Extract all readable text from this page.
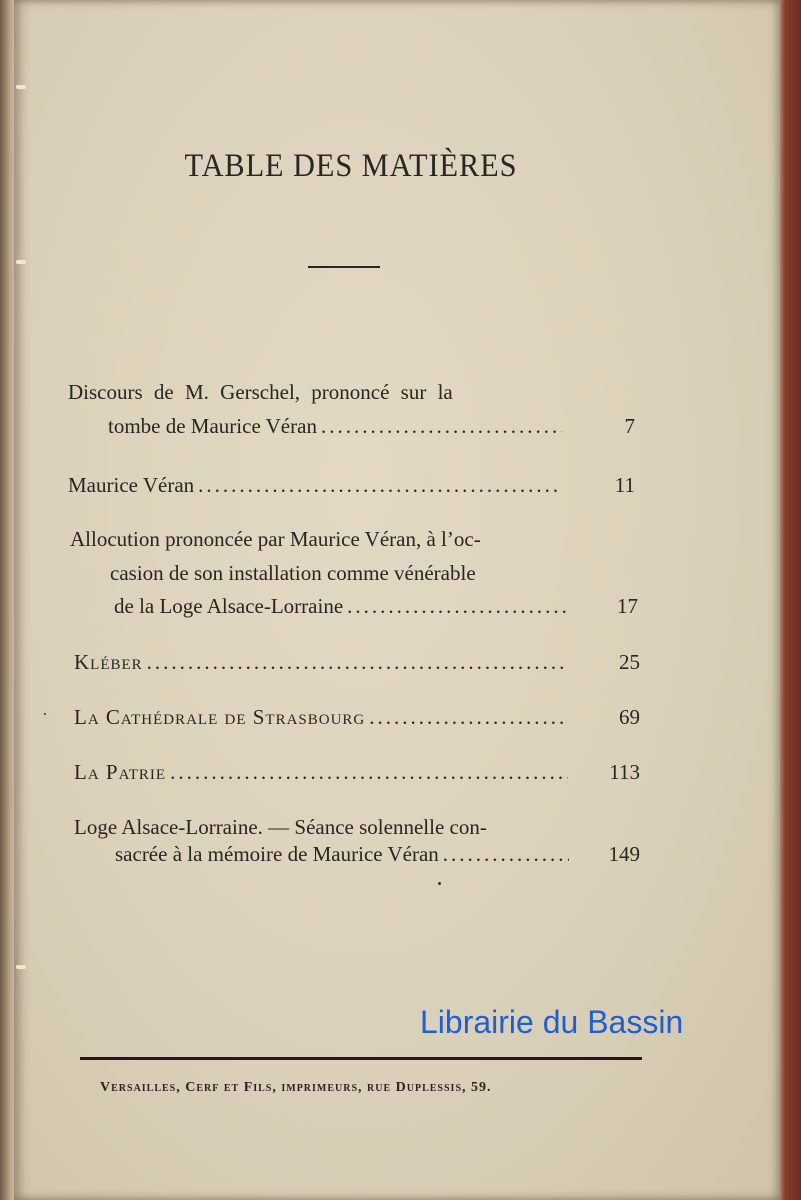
TABLE DES MATIÈRES
Discours de M. Gerschel, prononcé sur la
tombe de Maurice Véran .....	7
Maurice Véran .....	11
Allocution prononcée par Maurice Véran, à l’oc-
casion de son installation comme vénérable
de la Loge Alsace-Lorraine .....	17
Kléber .....	25
La Cathédrale de Strasbourg .....	69
La Patrie .....	113
Loge Alsace-Lorraine. — Séance solennelle con-
sacrée à la mémoire de Maurice Véran .....	149
Librairie du Bassin
Versailles, Cerf et Fils, imprimeurs, rue Duplessis, 59.
